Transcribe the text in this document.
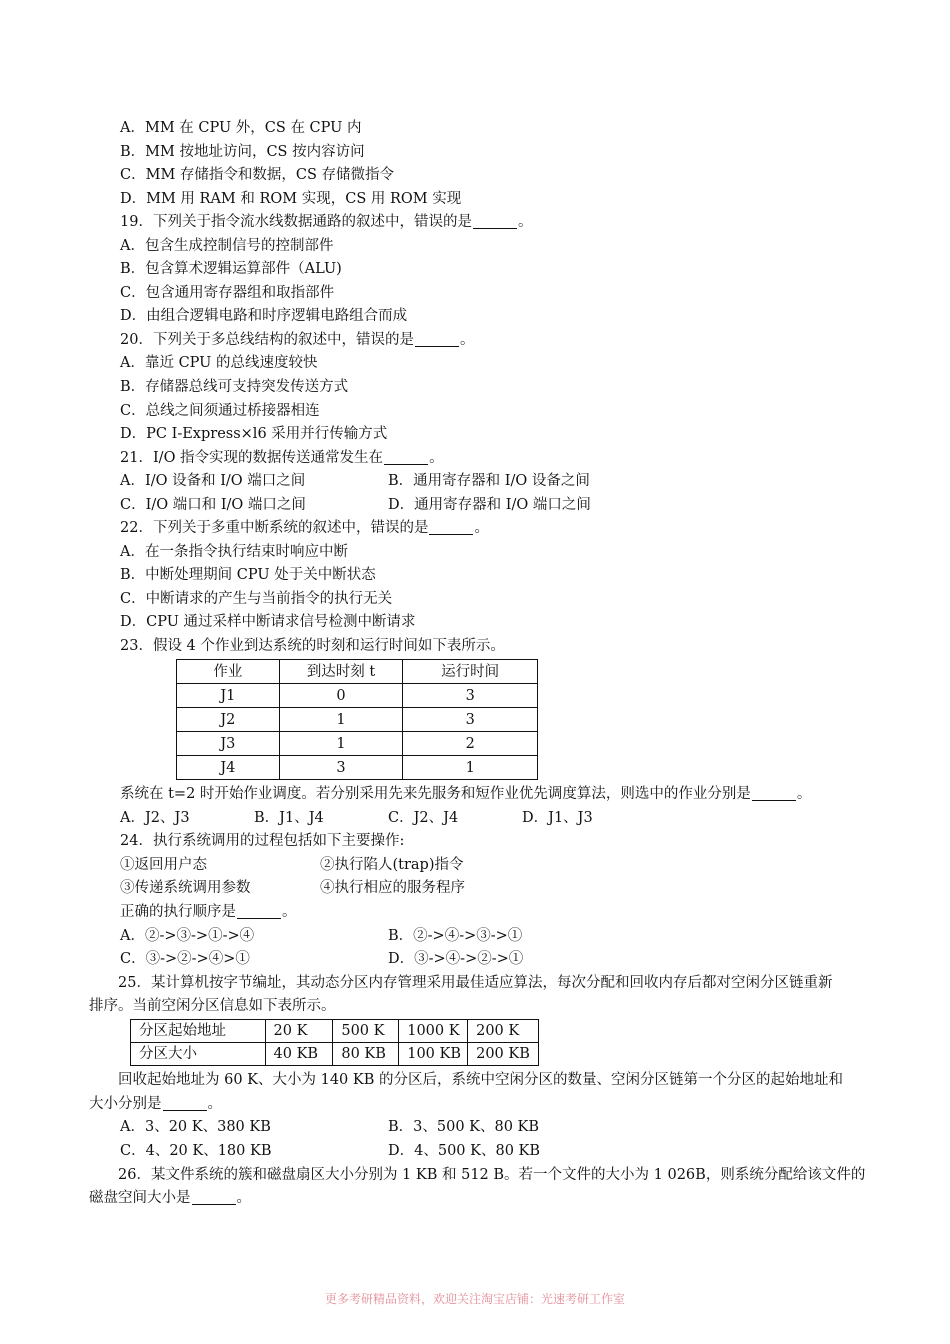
A．MM 在 CPU 外，CS 在 CPU 内
B．MM 按地址访问，CS 按内容访问
C．MM 存储指令和数据，CS 存储微指令
D．MM 用 RAM 和 ROM 实现，CS 用 ROM 实现
19．下列关于指令流水线数据通路的叙述中，错误的是	。
A．包含生成控制信号的控制部件
B．包含算术逻辑运算部件（ALU)
C．包含通用寄存器组和取指部件
D．由组合逻辑电路和时序逻辑电路组合而成
20．下列关于多总线结构的叙述中，错误的是	。
A．靠近 CPU 的总线速度较快
B．存储器总线可支持突发传送方式
C．总线之间须通过桥接器相连
D．PC I-Express×l6 采用并行传输方式
21．I/O 指令实现的数据传送通常发生在	。
A．I/O 设备和 I/O 端口之间	B．通用寄存器和 I/O 设备之间
C．I/O 端口和 I/O 端口之间	D．通用寄存器和 I/O 端口之间
22．下列关于多重中断系统的叙述中，错误的是	。
A．在一条指令执行结束时响应中断
B．中断处理期间 CPU 处于关中断状态
C．中断请求的产生与当前指令的执行无关
D．CPU 通过采样中断请求信号检测中断请求
23．假设 4 个作业到达系统的时刻和运行时间如下表所示。
作业	到达时刻 t	运行时间
J1	0	3
J2	1	3
J3	1	2
J4	3	1
系统在 t=2 时开始作业调度。若分别采用先来先服务和短作业优先调度算法，则选中的作业分别是	。
A．J2、J3	B．J1、J4	C．J2、J4	D．J1、J3
24．执行系统调用的过程包括如下主要操作:
①返回用户态	②执行陷人(trap)指令
③传递系统调用参数	④执行相应的服务程序
正确的执行顺序是	。
A．②->③->①->④	B．②->④->③->①
C．③->②->④>①	D．③->④->②->①
25．某计算机按字节编址，其动态分区内存管理采用最佳适应算法，每次分配和回收内存后都对空闲分区链重新
排序。当前空闲分区信息如下表所示。
分区起始地址	20 K	500 K	1000 K	200 K
分区大小	40 KB	80 KB	100 KB	200 KB
回收起始地址为 60 K、大小为 140 KB 的分区后，系统中空闲分区的数量、空闲分区链第一个分区的起始地址和
大小分别是	。
A．3、20 K、380 KB	B．3、500 K、80 KB
C．4、20 K、180 KB	D．4、500 K、80 KB
26．某文件系统的簇和磁盘扇区大小分别为 1 KB 和 512 B。若一个文件的大小为 1 026B，则系统分配给该文件的
磁盘空间大小是	。
更多考研精品资料，欢迎关注淘宝店铺：光速考研工作室
